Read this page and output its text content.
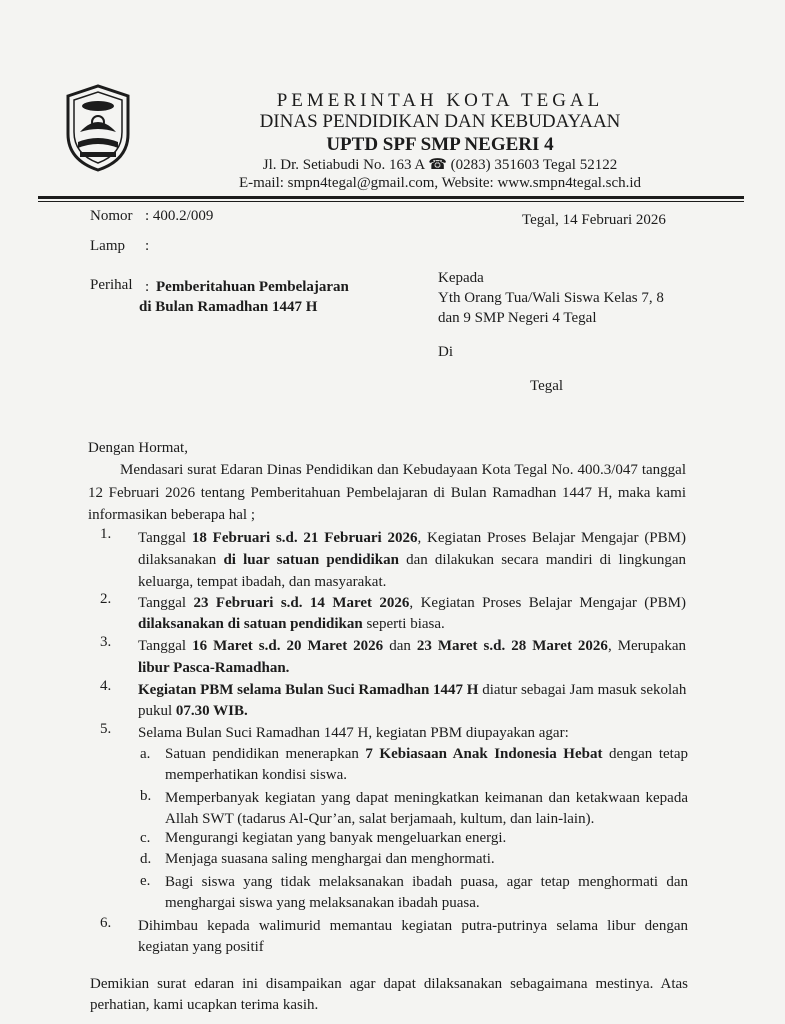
PEMERINTAH KOTA TEGAL
DINAS PENDIDIKAN DAN KEBUDAYAAN
UPTD SPF SMP NEGERI 4
Jl. Dr. Setiabudi No. 163 A ☎ (0283) 351603 Tegal 52122
E-mail: smpn4tegal@gmail.com, Website: www.smpn4tegal.sch.id
Nomor : 400.2/009	Tegal, 14 Februari 2026
Lamp :
Perihal : Pemberitahuan Pembelajaran
di Bulan Ramadhan 1447 H
Kepada
Yth Orang Tua/Wali Siswa Kelas 7, 8
dan 9 SMP Negeri 4 Tegal
Di
Tegal
Dengan Hormat,
Mendasari surat Edaran Dinas Pendidikan dan Kebudayaan Kota Tegal No. 400.3/047 tanggal
12 Februari 2026 tentang Pemberitahuan Pembelajaran di Bulan Ramadhan 1447 H, maka kami
informasikan beberapa hal ;
1. Tanggal 18 Februari s.d. 21 Februari 2026, Kegiatan Proses Belajar Mengajar (PBM)
dilaksanakan di luar satuan pendidikan dan dilakukan secara mandiri di lingkungan
keluarga, tempat ibadah, dan masyarakat.
2. Tanggal 23 Februari s.d. 14 Maret 2026, Kegiatan Proses Belajar Mengajar (PBM)
dilaksanakan di satuan pendidikan seperti biasa.
3. Tanggal 16 Maret s.d. 20 Maret 2026 dan 23 Maret s.d. 28 Maret 2026, Merupakan
libur Pasca-Ramadhan.
4. Kegiatan PBM selama Bulan Suci Ramadhan 1447 H diatur sebagai Jam masuk sekolah
pukul 07.30 WIB.
5. Selama Bulan Suci Ramadhan 1447 H, kegiatan PBM diupayakan agar:
a. Satuan pendidikan menerapkan 7 Kebiasaan Anak Indonesia Hebat dengan tetap
memperhatikan kondisi siswa.
b. Memperbanyak kegiatan yang dapat meningkatkan keimanan dan ketakwaan kepada
Allah SWT (tadarus Al-Qur’an, salat berjamaah, kultum, dan lain-lain).
c. Mengurangi kegiatan yang banyak mengeluarkan energi.
d. Menjaga suasana saling menghargai dan menghormati.
e. Bagi siswa yang tidak melaksanakan ibadah puasa, agar tetap menghormati dan
menghargai siswa yang melaksanakan ibadah puasa.
6. Dihimbau kepada walimurid memantau kegiatan putra-putrinya selama libur dengan
kegiatan yang positif
Demikian surat edaran ini disampaikan agar dapat dilaksanakan sebagaimana mestinya. Atas
perhatian, kami ucapkan terima kasih.
